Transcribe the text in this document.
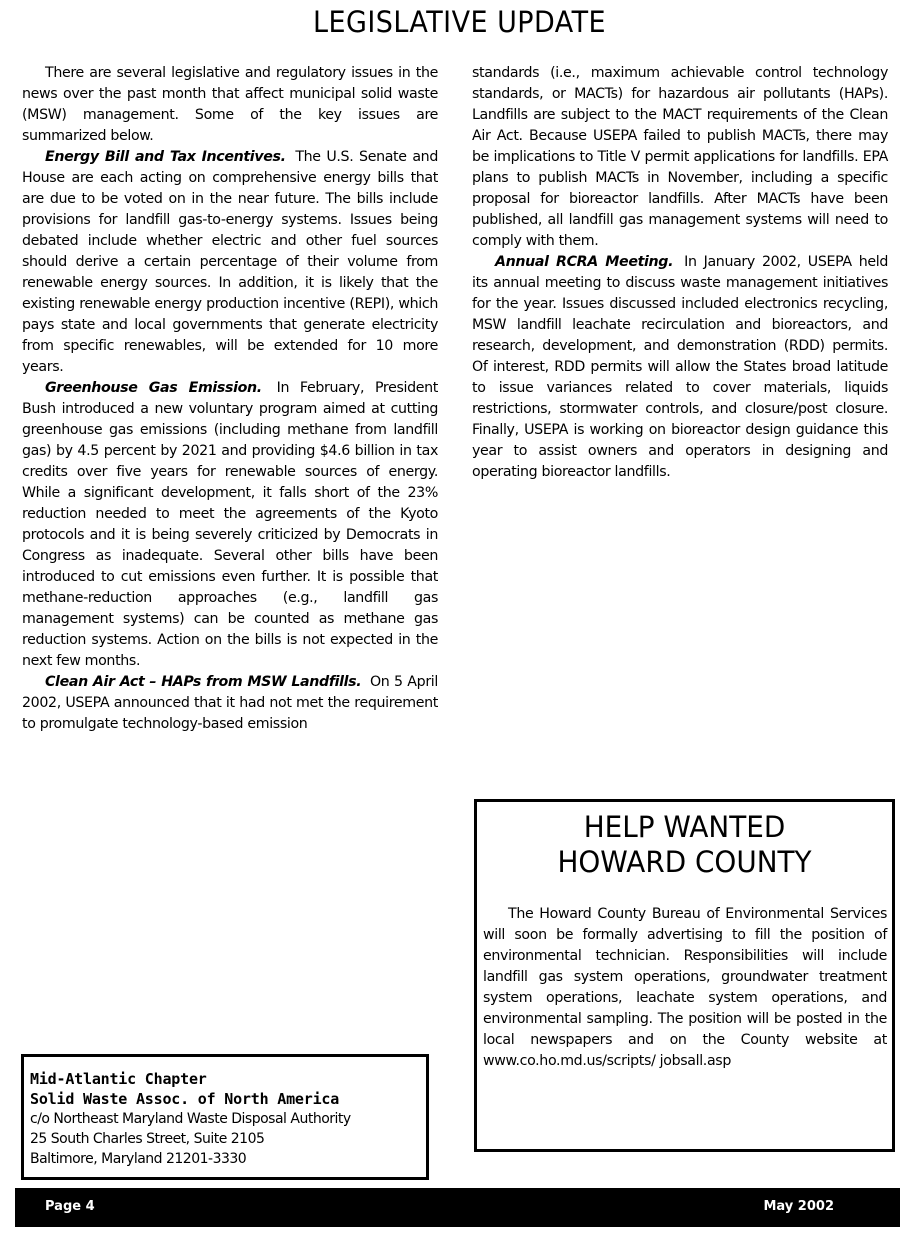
LEGISLATIVE UPDATE

There are several legislative and regulatory issues in the news over the past month that affect municipal solid waste (MSW) management. Some of the key issues are summarized below.

Energy Bill and Tax Incentives. The U.S. Senate and House are each acting on comprehensive energy bills that are due to be voted on in the near future. The bills include provisions for landfill gas-to-energy systems. Issues being debated include whether electric and other fuel sources should derive a certain percentage of their volume from renewable energy sources. In addition, it is likely that the existing renewable energy production incentive (REPI), which pays state and local governments that generate electricity from specific renewables, will be extended for 10 more years.

Greenhouse Gas Emission. In February, President Bush introduced a new voluntary program aimed at cutting greenhouse gas emissions (including methane from landfill gas) by 4.5 percent by 2021 and providing $4.6 billion in tax credits over five years for renewable sources of energy. While a significant development, it falls short of the 23% reduction needed to meet the agreements of the Kyoto protocols and it is being severely criticized by Democrats in Congress as inadequate. Several other bills have been introduced to cut emissions even further. It is possible that methane-reduction approaches (e.g., landfill gas management systems) can be counted as methane gas reduction systems. Action on the bills is not expected in the next few months.

Clean Air Act – HAPs from MSW Landfills. On 5 April 2002, USEPA announced that it had not met the requirement to promulgate technology-based emission

standards (i.e., maximum achievable control technology standards, or MACTs) for hazardous air pollutants (HAPs). Landfills are subject to the MACT requirements of the Clean Air Act. Because USEPA failed to publish MACTs, there may be implications to Title V permit applications for landfills. EPA plans to publish MACTs in November, including a specific proposal for bioreactor landfills. After MACTs have been published, all landfill gas management systems will need to comply with them.

Annual RCRA Meeting. In January 2002, USEPA held its annual meeting to discuss waste management initiatives for the year. Issues discussed included electronics recycling, MSW landfill leachate recirculation and bioreactors, and research, development, and demonstration (RDD) permits. Of interest, RDD permits will allow the States broad latitude to issue variances related to cover materials, liquids restrictions, stormwater controls, and closure/post closure. Finally, USEPA is working on bioreactor design guidance this year to assist owners and operators in designing and operating bioreactor landfills.

HELP WANTED
HOWARD COUNTY
The Howard County Bureau of Environmental Services will soon be formally advertising to fill the position of environmental technician. Responsibilities will include landfill gas system operations, groundwater treatment system operations, leachate system operations, and environmental sampling. The position will be posted in the local newspapers and on the County website at www.co.ho.md.us/scripts/ jobsall.asp
Mid-Atlantic Chapter
Solid Waste Assoc. of North America
c/o Northeast Maryland Waste Disposal Authority
25 South Charles Street, Suite 2105
Baltimore, Maryland 21201-3330
Page 4	May 2002
